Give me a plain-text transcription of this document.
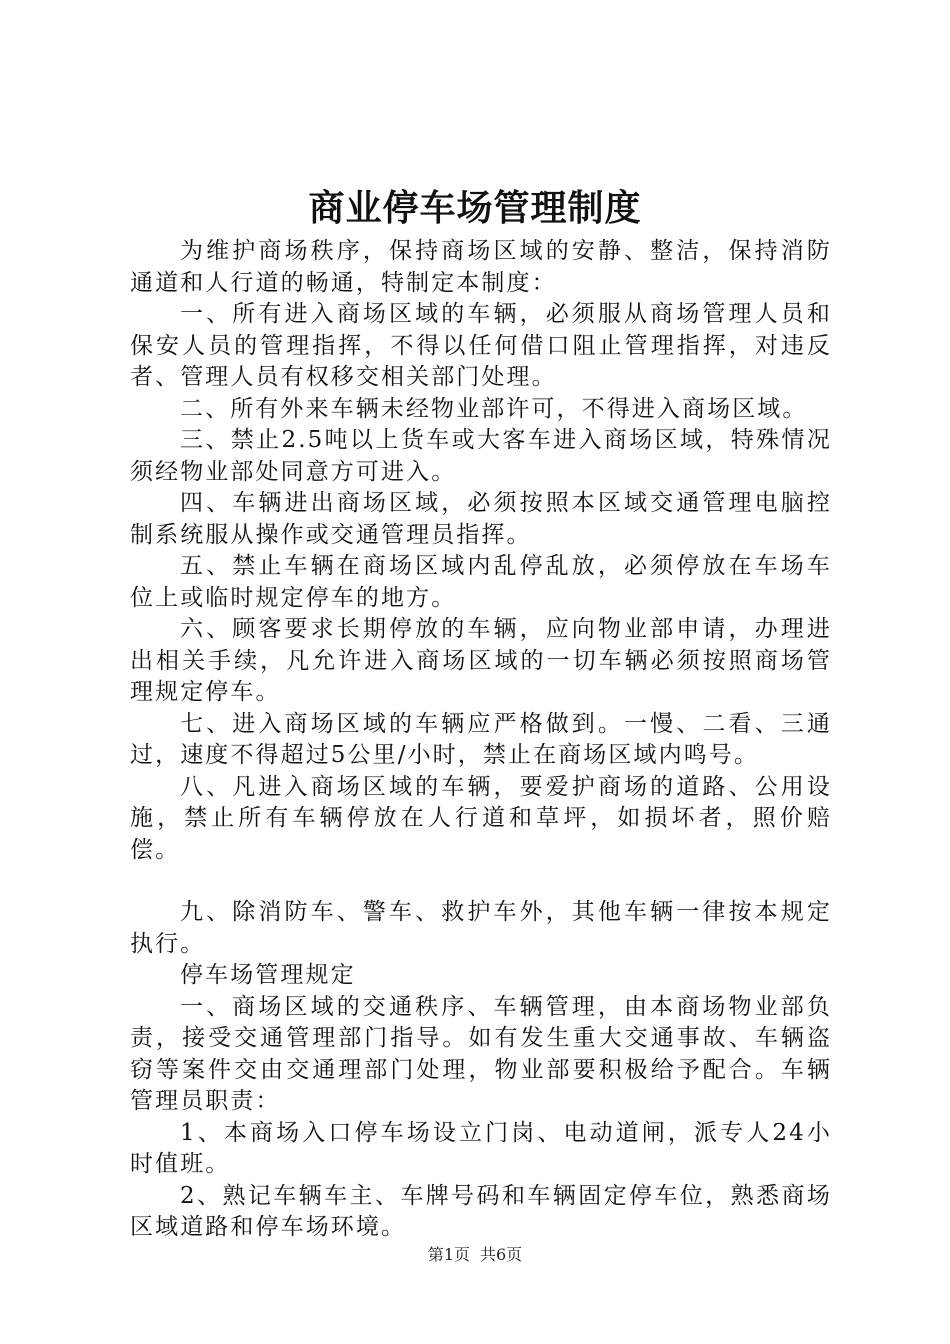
商业停车场管理制度

为维护商场秩序，保持商场区域的安静、整洁，保持消防通道和人行道的畅通，特制定本制度：

一、所有进入商场区域的车辆，必须服从商场管理人员和保安人员的管理指挥，不得以任何借口阻止管理指挥，对违反者、管理人员有权移交相关部门处理。

二、所有外来车辆未经物业部许可，不得进入商场区域。

三、禁止2.5吨以上货车或大客车进入商场区域，特殊情况须经物业部处同意方可进入。

四、车辆进出商场区域，必须按照本区域交通管理电脑控制系统服从操作或交通管理员指挥。

五、禁止车辆在商场区域内乱停乱放，必须停放在车场车位上或临时规定停车的地方。

六、顾客要求长期停放的车辆，应向物业部申请，办理进出相关手续，凡允许进入商场区域的一切车辆必须按照商场管理规定停车。

七、进入商场区域的车辆应严格做到。一慢、二看、三通过，速度不得超过5公里/小时，禁止在商场区域内鸣号。

八、凡进入商场区域的车辆，要爱护商场的道路、公用设施，禁止所有车辆停放在人行道和草坪，如损坏者，照价赔偿。

九、除消防车、警车、救护车外，其他车辆一律按本规定执行。

停车场管理规定

一、商场区域的交通秩序、车辆管理，由本商场物业部负责，接受交通管理部门指导。如有发生重大交通事故、车辆盗窃等案件交由交通理部门处理，物业部要积极给予配合。车辆管理员职责：

1、本商场入口停车场设立门岗、电动道闸，派专人24小时值班。

2、熟记车辆车主、车牌号码和车辆固定停车位，熟悉商场区域道路和停车场环境。

第1页 共6页
